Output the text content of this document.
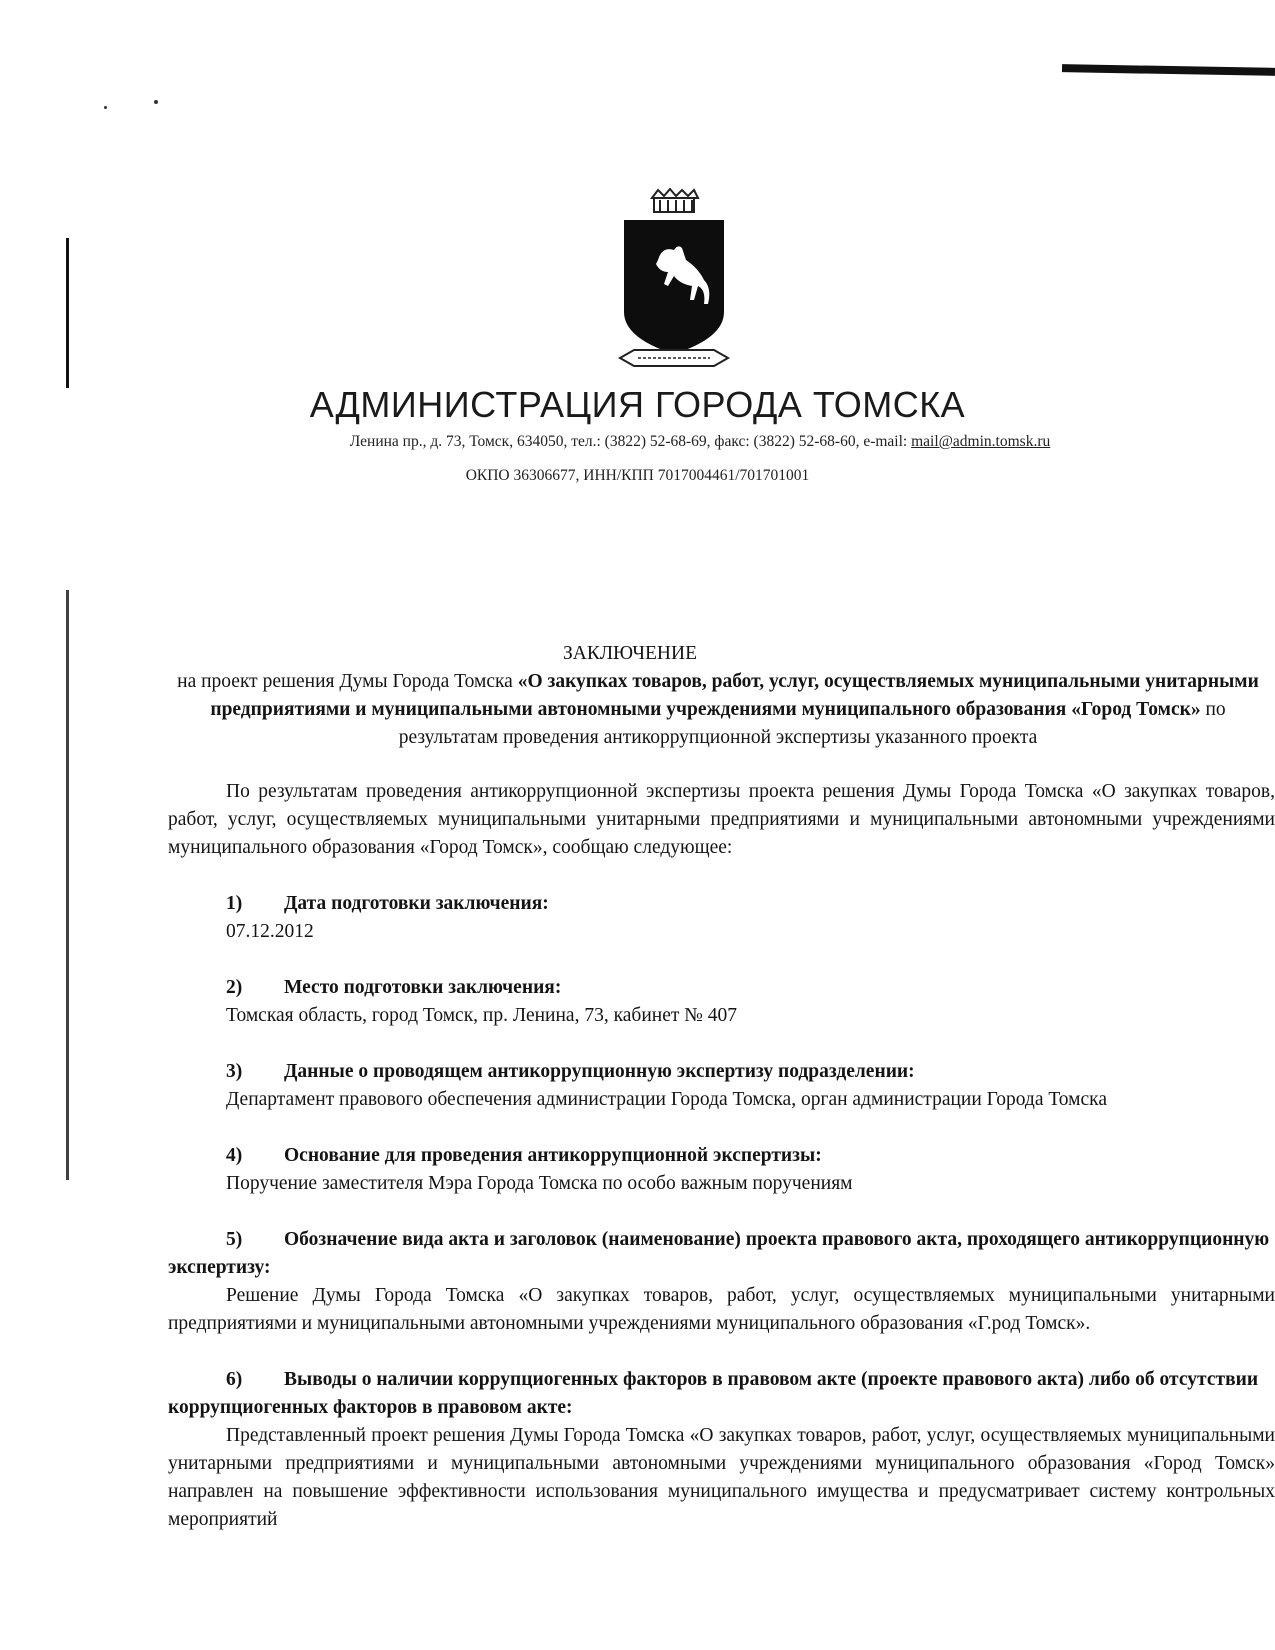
АДМИНИСТРАЦИЯ ГОРОДА ТОМСКА
Ленина пр., д. 73, Томск, 634050, тел.: (3822) 52-68-69, факс: (3822) 52-68-60, e-mail: mail@admin.tomsk.ru
ОКПО 36306677, ИНН/КПП 7017004461/701701001
ЗАКЛЮЧЕНИЕ

на проект решения Думы Города Томска «О закупках товаров, работ, услуг, осуществляемых муниципальными унитарными предприятиями и муниципальными автономными учреждениями муниципального образования «Город Томск» по результатам проведения антикоррупционной экспертизы указанного проекта

По результатам проведения антикоррупционной экспертизы проекта решения Думы Города Томска «О закупках товаров, работ, услуг, осуществляемых муниципальными унитарными предприятиями и муниципальными автономными учреждениями муниципального образования «Город Томск», сообщаю следующее:

1) Дата подготовки заключения:

07.12.2012

2) Место подготовки заключения:

Томская область, город Томск, пр. Ленина, 73, кабинет № 407

3) Данные о проводящем антикоррупционную экспертизу подразделении:

Департамент правового обеспечения администрации Города Томска, орган администрации Города Томска

4) Основание для проведения антикоррупционной экспертизы:

Поручение заместителя Мэра Города Томска по особо важным поручениям

5) Обозначение вида акта и заголовок (наименование) проекта правового акта, проходящего антикоррупционную экспертизу:

Решение Думы Города Томска «О закупках товаров, работ, услуг, осуществляемых муниципальными унитарными предприятиями и муниципальными автономными учреждениями муниципального образования «Г.род Томск».

6) Выводы о наличии коррупциогенных факторов в правовом акте (проекте правового акта) либо об отсутствии коррупциогенных факторов в правовом акте:

Представленный проект решения Думы Города Томска «О закупках товаров, работ, услуг, осуществляемых муниципальными унитарными предприятиями и муниципальными автономными учреждениями муниципального образования «Город Томск» направлен на повышение эффективности использования муниципального имущества и предусматривает систему контрольных мероприятий
